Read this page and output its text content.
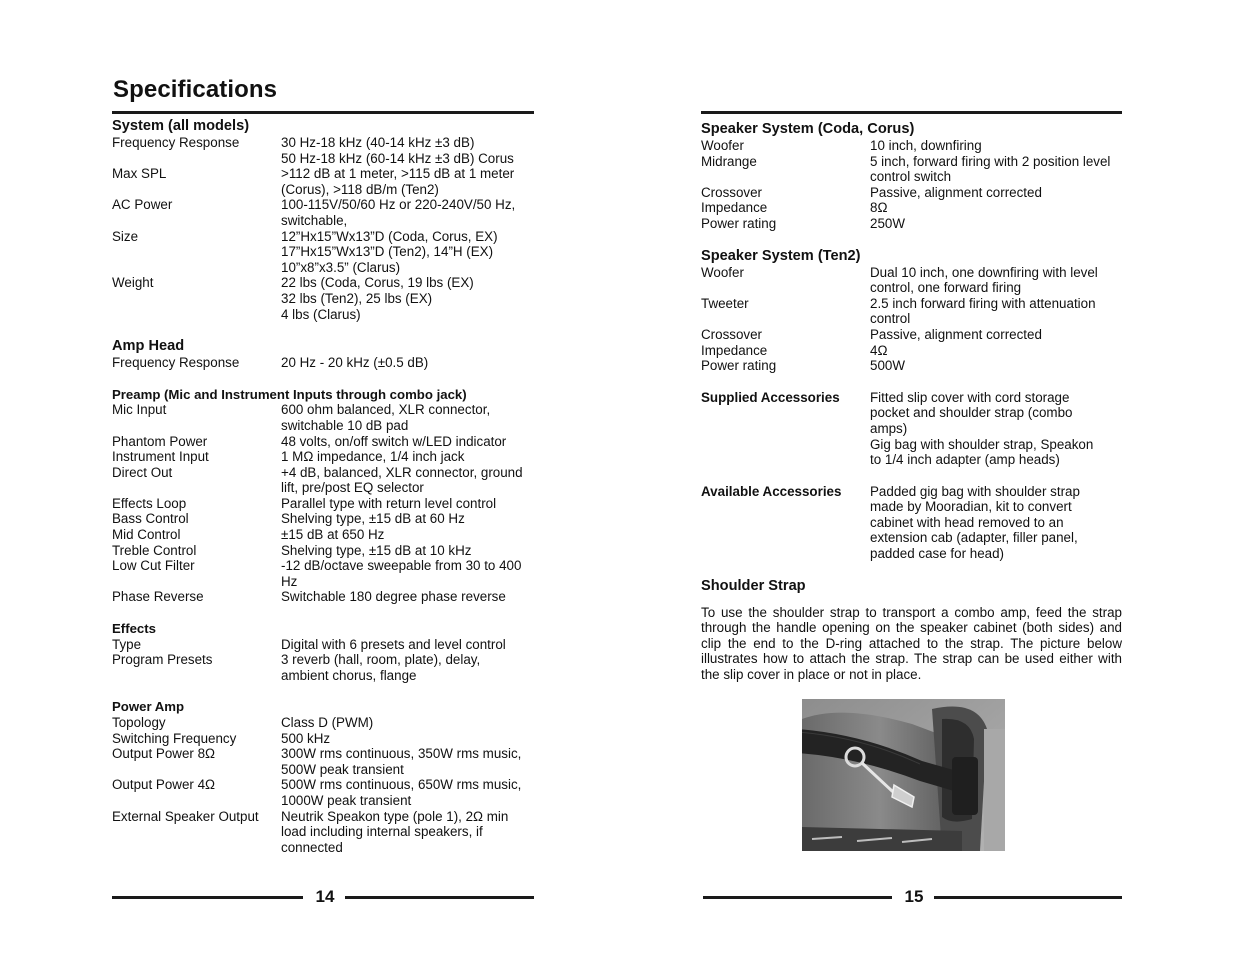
Specifications
System (all models)
Frequency Response	30 Hz-18 kHz (40-14 kHz ±3 dB)
50 Hz-18 kHz (60-14 kHz ±3 dB) Corus
Max SPL	>112 dB at 1 meter, >115 dB at 1 meter
(Corus), >118 dB/m (Ten2)
AC Power	100-115V/50/60 Hz or 220-240V/50 Hz,
switchable,
Size	12”Hx15”Wx13”D (Coda, Corus, EX)
17”Hx15”Wx13”D (Ten2), 14”H (EX)
10”x8”x3.5” (Clarus)
Weight	22 lbs (Coda, Corus, 19 lbs (EX)
32 lbs (Ten2), 25 lbs (EX)
4 lbs (Clarus)
Amp Head
Frequency Response	20 Hz - 20 kHz (±0.5 dB)
Preamp (Mic and Instrument Inputs through combo jack)
Mic Input	600 ohm balanced, XLR connector,
switchable 10 dB pad
Phantom Power	48 volts, on/off switch w/LED indicator
Instrument Input	1 MΩ impedance, 1/4 inch jack
Direct Out	+4 dB, balanced, XLR connector, ground
lift, pre/post EQ selector
Effects Loop	Parallel type with return level control
Bass Control	Shelving type, ±15 dB at 60 Hz
Mid Control	±15 dB at 650 Hz
Treble Control	Shelving type, ±15 dB at 10 kHz
Low Cut Filter	-12 dB/octave sweepable from 30 to 400
Hz
Phase Reverse	Switchable 180 degree phase reverse
Effects
Type	Digital with 6 presets and level control
Program Presets	3 reverb (hall, room, plate), delay,
ambient chorus, flange
Power Amp
Topology	Class D (PWM)
Switching Frequency	500 kHz
Output Power 8Ω	300W rms continuous, 350W rms music,
500W peak transient
Output Power 4Ω	500W rms continuous, 650W rms music,
1000W peak transient
External Speaker Output	Neutrik Speakon type (pole 1), 2Ω min
load including internal speakers, if
connected
14
Speaker System (Coda, Corus)
Woofer	10 inch, downfiring
Midrange	5 inch, forward firing with 2 position level
control switch
Crossover	Passive, alignment corrected
Impedance	8Ω
Power rating	250W
Speaker System (Ten2)
Woofer	Dual 10 inch, one downfiring with level
control, one forward firing
Tweeter	2.5 inch forward firing with attenuation
control
Crossover	Passive, alignment corrected
Impedance	4Ω
Power rating	500W
Supplied Accessories	Fitted slip cover with cord storage
pocket and shoulder strap (combo
amps)
Gig bag with shoulder strap, Speakon
to 1/4 inch adapter (amp heads)
Available Accessories	Padded gig bag with shoulder strap
made by Mooradian, kit to convert
cabinet with head removed to an
extension cab (adapter, filler panel,
padded case for head)
Shoulder Strap
To use the shoulder strap to transport a combo amp, feed the strap through the handle opening on the speaker cabinet (both sides) and clip the end to the D-ring attached to the strap. The picture below illustrates how to attach the strap. The strap can be used either with the slip cover in place or not in place.
15
